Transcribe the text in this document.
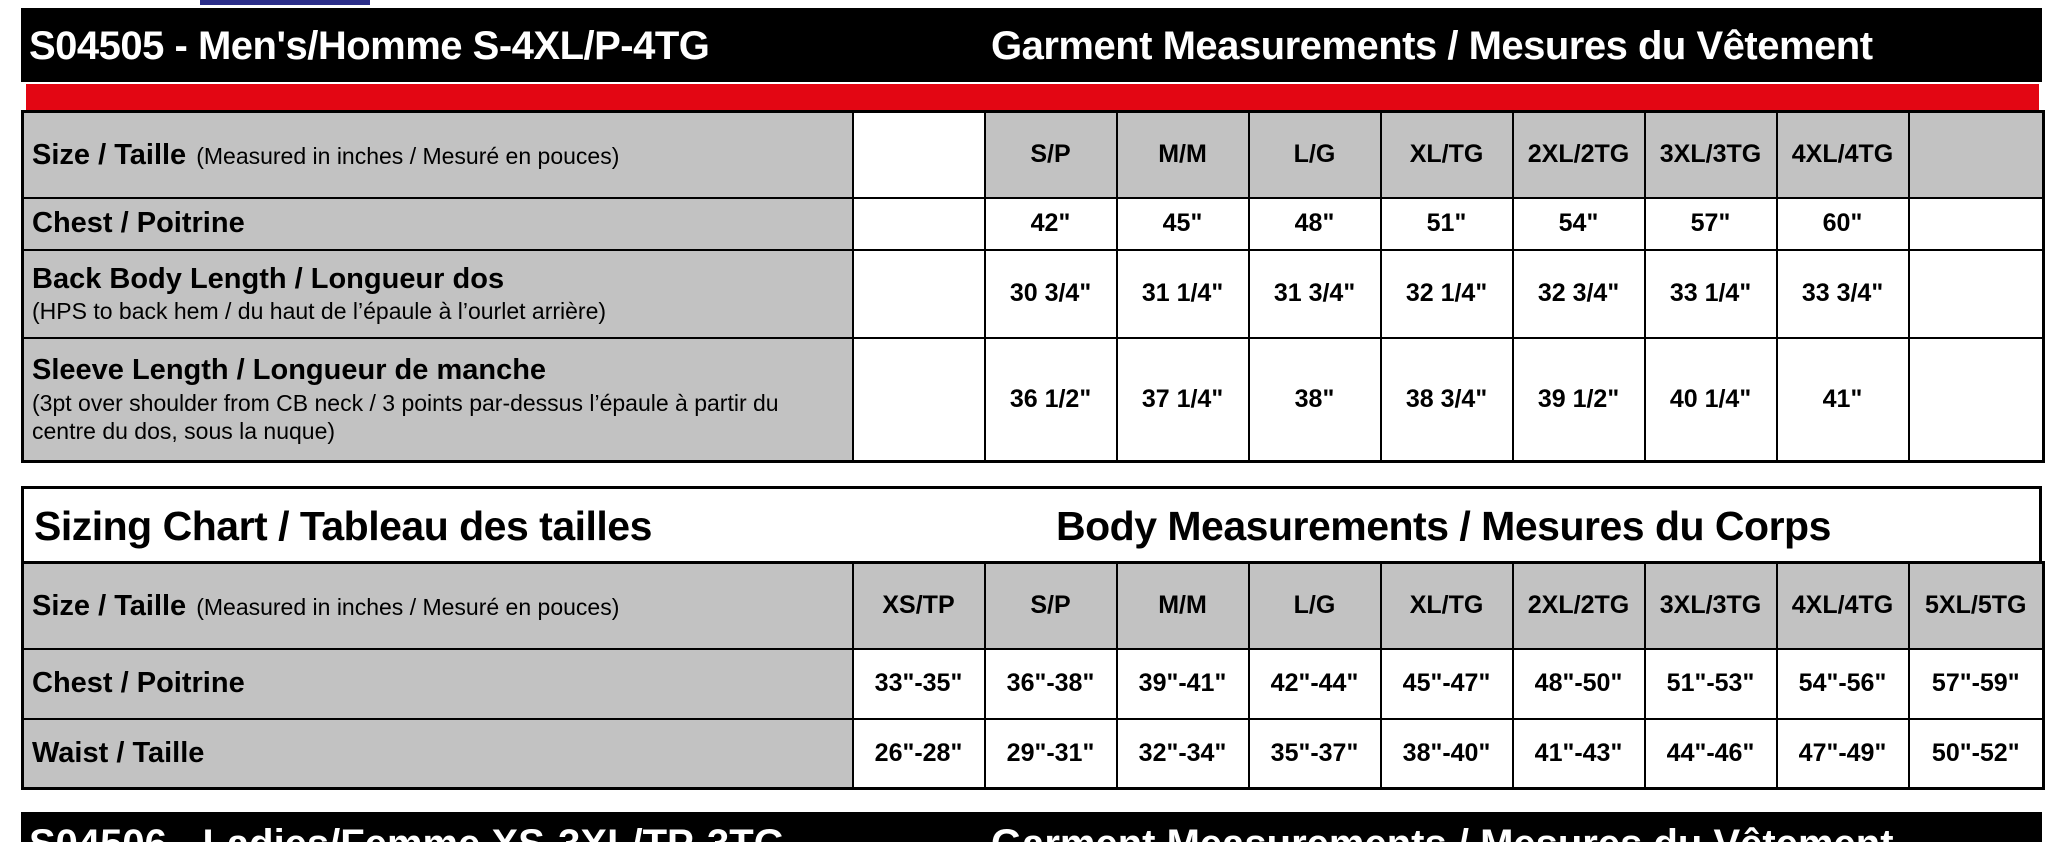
S04505 - Men's/Homme S-4XL/P-4TG	Garment Measurements / Mesures du Vêtement
Size / Taille (Measured in inches / Mesuré en pouces)		S/P	M/M	L/G	XL/TG	2XL/2TG	3XL/3TG	4XL/4TG	
Chest / Poitrine		42"	45"	48"	51"	54"	57"	60"	

Back Body Length / Longueur dos
(HPS to back hem / du haut de l’épaule à l’ourlet arrière)		30 3/4"	31 1/4"	31 3/4"	32 1/4"	32 3/4"	33 1/4"	33 3/4"	

Sleeve Length / Longueur de manche
(3pt over shoulder from CB neck / 3 points par-dessus l’épaule à partir du centre du dos, sous la nuque)		36 1/2"	37 1/4"	38"	38 3/4"	39 1/2"	40 1/4"	41"	
Sizing Chart / Tableau des tailles	Body Measurements / Mesures du Corps
Size / Taille (Measured in inches / Mesuré en pouces)	XS/TP	S/P	M/M	L/G	XL/TG	2XL/2TG	3XL/3TG	4XL/4TG	5XL/5TG
Chest / Poitrine	33"-35"	36"-38"	39"-41"	42"-44"	45"-47"	48"-50"	51"-53"	54"-56"	57"-59"
Waist / Taille	26"-28"	29"-31"	32"-34"	35"-37"	38"-40"	41"-43"	44"-46"	47"-49"	50"-52"
S04506 - Ladies/Femme XS-3XL/TP-3TG	Garment Measurements / Mesures du Vêtement
